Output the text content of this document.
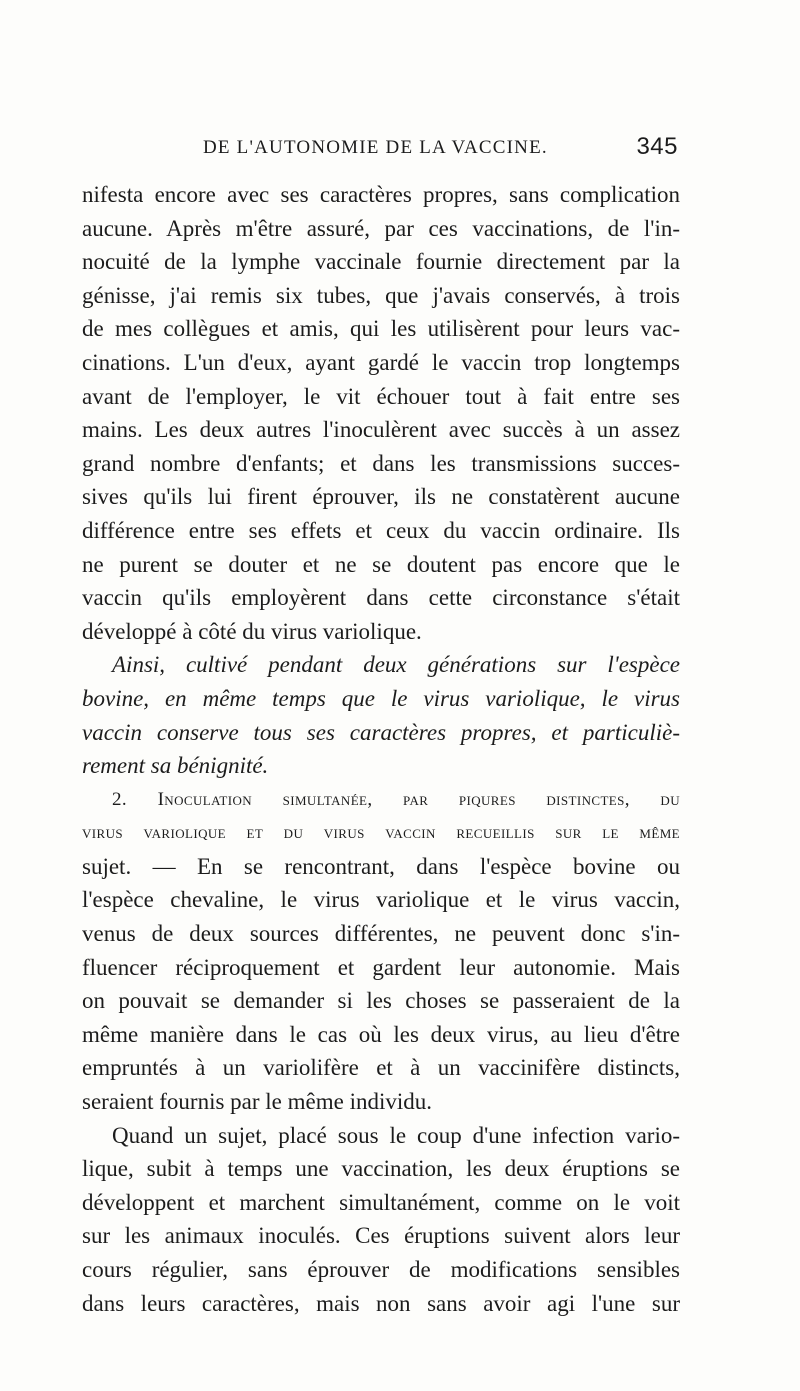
DE L'AUTONOMIE DE LA VACCINE.	345
nifesta encore avec ses caractères propres, sans complication
aucune. Après m'être assuré, par ces vaccinations, de l'in-
nocuité de la lymphe vaccinale fournie directement par la
génisse, j'ai remis six tubes, que j'avais conservés, à trois
de mes collègues et amis, qui les utilisèrent pour leurs vac-
cinations. L'un d'eux, ayant gardé le vaccin trop longtemps
avant de l'employer, le vit échouer tout à fait entre ses
mains. Les deux autres l'inoculèrent avec succès à un assez
grand nombre d'enfants; et dans les transmissions succes-
sives qu'ils lui firent éprouver, ils ne constatèrent aucune
différence entre ses effets et ceux du vaccin ordinaire. Ils
ne purent se douter et ne se doutent pas encore que le
vaccin qu'ils employèrent dans cette circonstance s'était
développé à côté du virus variolique.
Ainsi, cultivé pendant deux générations sur l'espèce
bovine, en même temps que le virus variolique, le virus
vaccin conserve tous ses caractères propres, et particuliè-
rement sa bénignité.
2. Inoculation simultanée, par piqures distinctes, du
virus variolique et du virus vaccin recueillis sur le même
sujet. — En se rencontrant, dans l'espèce bovine ou
l'espèce chevaline, le virus variolique et le virus vaccin,
venus de deux sources différentes, ne peuvent donc s'in-
fluencer réciproquement et gardent leur autonomie. Mais
on pouvait se demander si les choses se passeraient de la
même manière dans le cas où les deux virus, au lieu d'être
empruntés à un variolifère et à un vaccinifère distincts,
seraient fournis par le même individu.
Quand un sujet, placé sous le coup d'une infection vario-
lique, subit à temps une vaccination, les deux éruptions se
développent et marchent simultanément, comme on le voit
sur les animaux inoculés. Ces éruptions suivent alors leur
cours régulier, sans éprouver de modifications sensibles
dans leurs caractères, mais non sans avoir agi l'une sur
